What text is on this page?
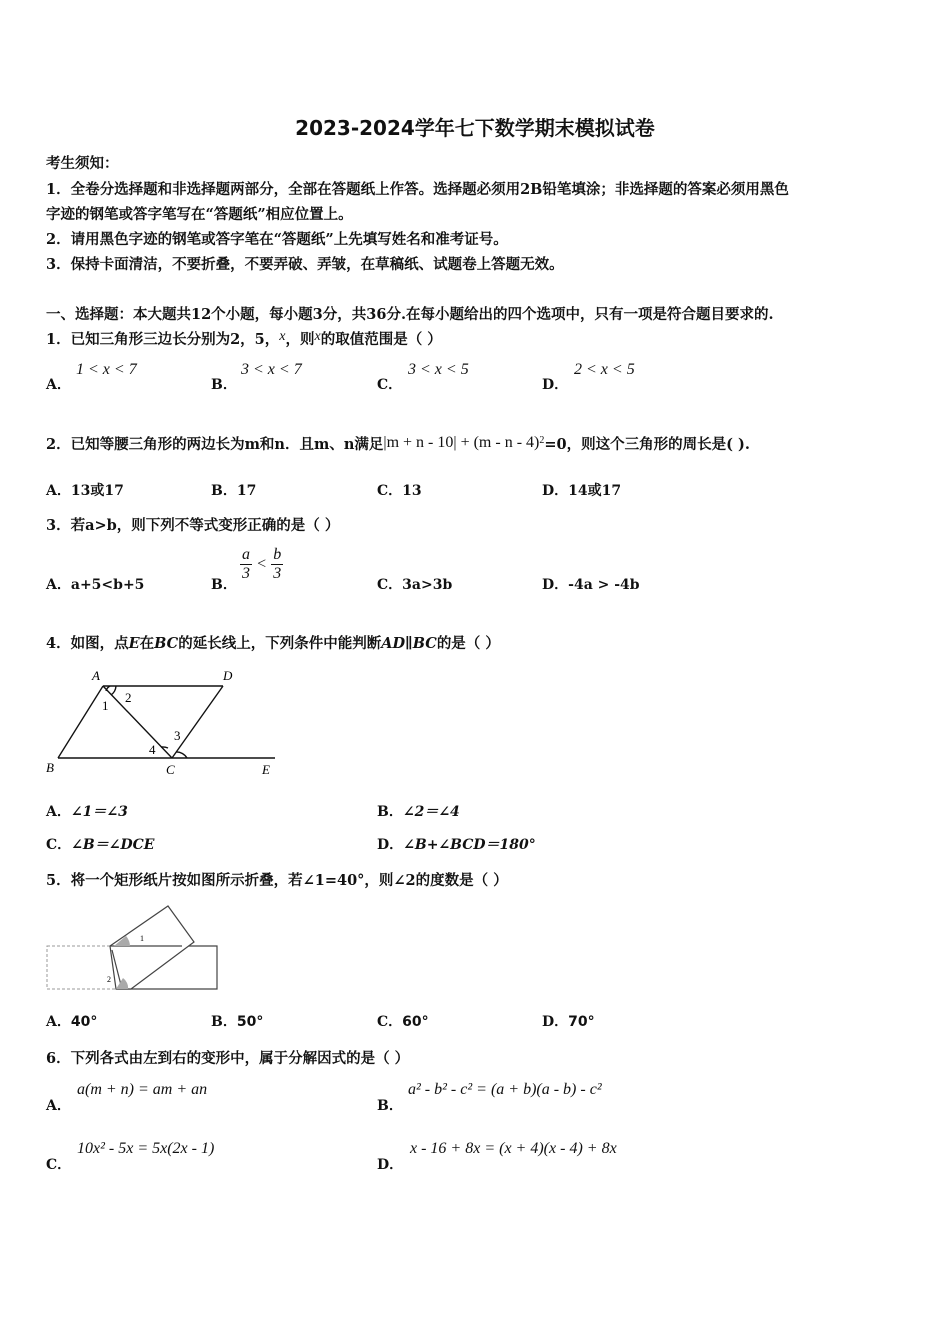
2023-2024学年七下数学期末模拟试卷
考生须知：
1．全卷分选择题和非选择题两部分，全部在答题纸上作答。选择题必须用2B铅笔填涂；非选择题的答案必须用黑色
字迹的钢笔或答字笔写在“答题纸”相应位置上。
2．请用黑色字迹的钢笔或答字笔在“答题纸”上先填写姓名和准考证号。
3．保持卡面清洁，不要折叠，不要弄破、弄皱，在草稿纸、试题卷上答题无效。
一、选择题：本大题共12个小题，每小题3分，共36分.在每小题给出的四个选项中，只有一项是符合题目要求的.
1．已知三角形三边长分别为2，5，x，则x的取值范围是（ ）
A．
1 < x < 7
B．
3 < x < 7
C．
3 < x < 5
D．
2 < x < 5
2．已知等腰三角形的两边长为m和n．且m、n满足|m + n - 10| + (m - n - 4)$^2$=0，则这个三角形的周长是( ).
A．13或17	B．17	C．13	D．14或17
3．若a>b，则下列不等式变形正确的是（ ）
A．a+5<b+5	B．
$\frac{a}{3} < \frac{b}{3}$
C．3a>3b	D．-4a > -4b
4．如图，点E在BC的延长线上，下列条件中能判断AD∥BC的是（ ）
A	D
B	C	E
1
2
3
4
A．∠1＝∠3	B．∠2＝∠4
C．∠B＝∠DCE	D．∠B+∠BCD＝180°
5．将一个矩形纸片按如图所示折叠，若∠1=40°，则∠2的度数是（ ）
1
2
A．40°	B．50°	C．60°	D．70°
6．下列各式由左到右的变形中，属于分解因式的是（ ）
A．
a(m + n) = am + an
B．
a² - b² - c² = (a + b)(a - b) - c²
C．
10x² - 5x = 5x(2x - 1)
D．
x - 16 + 8x = (x + 4)(x - 4) + 8x
